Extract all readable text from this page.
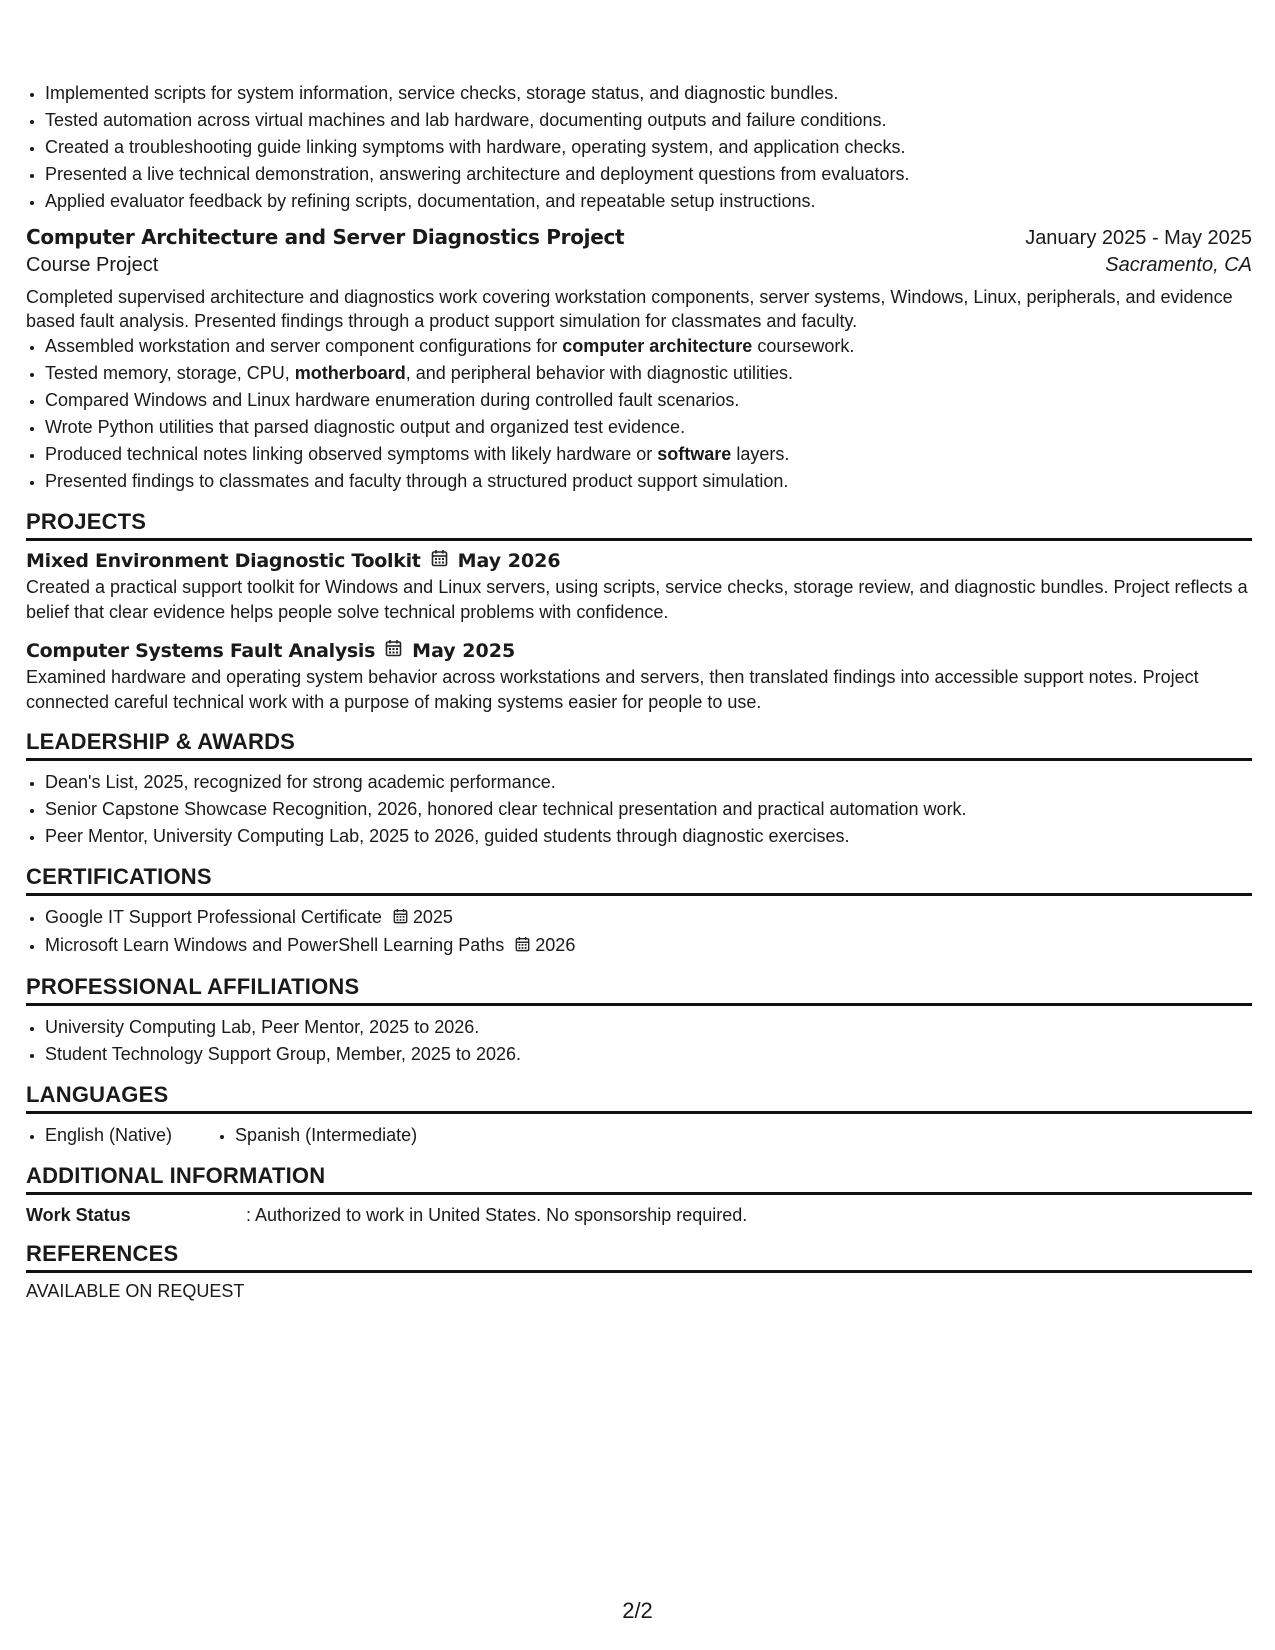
• Implemented scripts for system information, service checks, storage status, and diagnostic bundles.
• Tested automation across virtual machines and lab hardware, documenting outputs and failure conditions.
• Created a troubleshooting guide linking symptoms with hardware, operating system, and application checks.
• Presented a live technical demonstration, answering architecture and deployment questions from evaluators.
• Applied evaluator feedback by refining scripts, documentation, and repeatable setup instructions.
Computer Architecture and Server Diagnostics Project	January 2025 - May 2025
Course Project	Sacramento, CA
Completed supervised architecture and diagnostics work covering workstation components, server systems, Windows, Linux, peripherals, and evidence based fault analysis. Presented findings through a product support simulation for classmates and faculty.
• Assembled workstation and server component configurations for computer architecture coursework.
• Tested memory, storage, CPU, motherboard, and peripheral behavior with diagnostic utilities.
• Compared Windows and Linux hardware enumeration during controlled fault scenarios.
• Wrote Python utilities that parsed diagnostic output and organized test evidence.
• Produced technical notes linking observed symptoms with likely hardware or software layers.
• Presented findings to classmates and faculty through a structured product support simulation.
PROJECTS
Mixed Environment Diagnostic Toolkit May 2026
Created a practical support toolkit for Windows and Linux servers, using scripts, service checks, storage review, and diagnostic bundles. Project reflects a belief that clear evidence helps people solve technical problems with confidence.
Computer Systems Fault Analysis May 2025
Examined hardware and operating system behavior across workstations and servers, then translated findings into accessible support notes. Project connected careful technical work with a purpose of making systems easier for people to use.
LEADERSHIP & AWARDS
• Dean's List, 2025, recognized for strong academic performance.
• Senior Capstone Showcase Recognition, 2026, honored clear technical presentation and practical automation work.
• Peer Mentor, University Computing Lab, 2025 to 2026, guided students through diagnostic exercises.
CERTIFICATIONS
• Google IT Support Professional Certificate 2025
• Microsoft Learn Windows and PowerShell Learning Paths 2026
PROFESSIONAL AFFILIATIONS
• University Computing Lab, Peer Mentor, 2025 to 2026.
• Student Technology Support Group, Member, 2025 to 2026.
LANGUAGES
• English (Native)
•	Spanish (Intermediate)
ADDITIONAL INFORMATION
Work Status	: Authorized to work in United States. No sponsorship required.
REFERENCES
AVAILABLE ON REQUEST
2/2
